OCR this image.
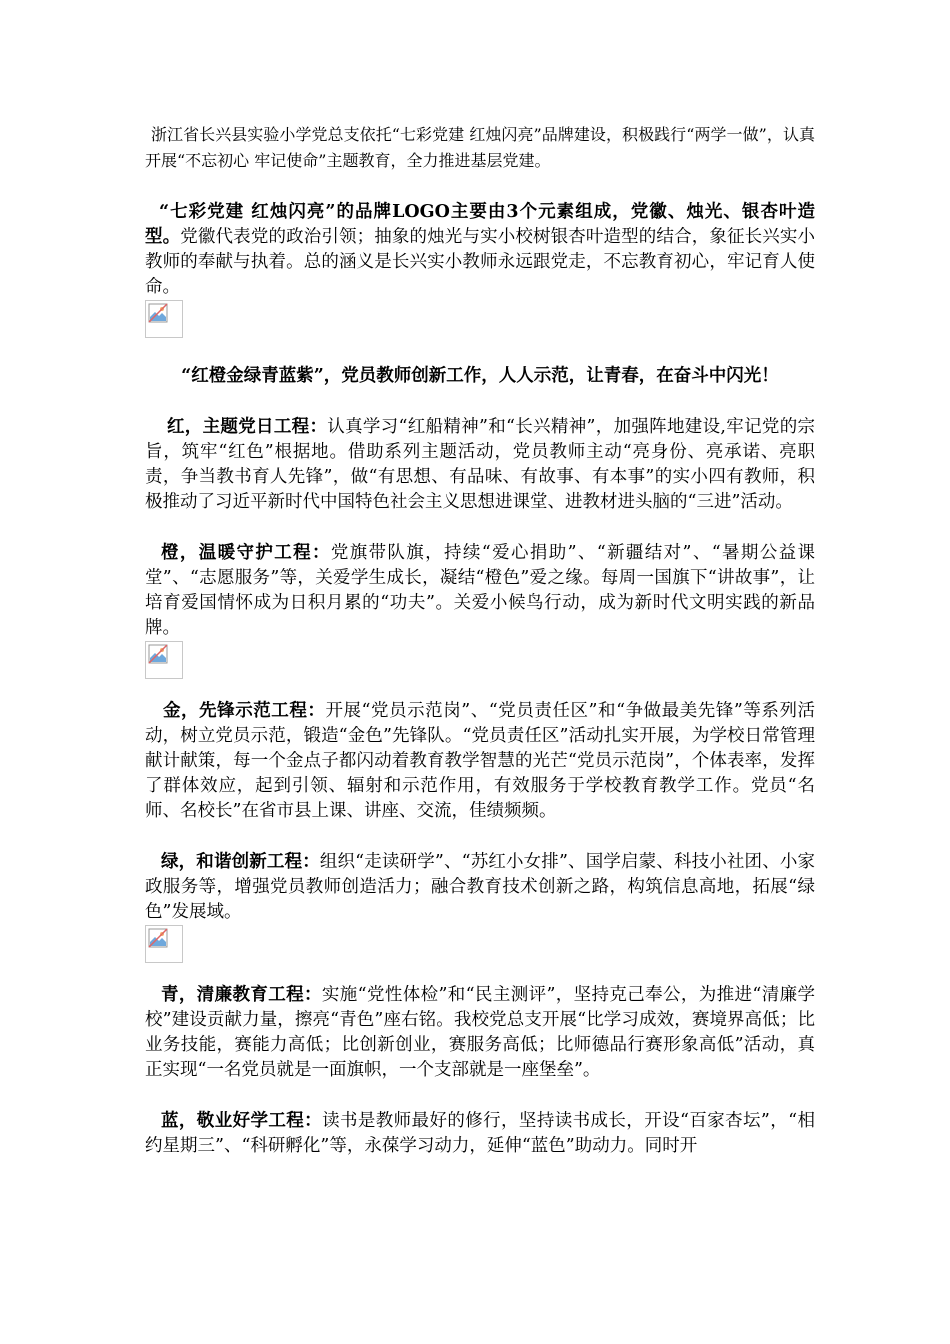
浙江省长兴县实验小学党总支依托“七彩党建 红烛闪亮”品牌建设，积极践行“两学一做”，认真开展“不忘初心 牢记使命”主题教育，全力推进基层党建。

“七彩党建 红烛闪亮”的品牌LOGO主要由3个元素组成，党徽、烛光、银杏叶造型。党徽代表党的政治引领；抽象的烛光与实小校树银杏叶造型的结合，象征长兴实小教师的奉献与执着。总的涵义是长兴实小教师永远跟党走，不忘教育初心，牢记育人使命。

“红橙金绿青蓝紫”，党员教师创新工作，人人示范，让青春，在奋斗中闪光！

红，主题党日工程：认真学习“红船精神”和“长兴精神”，加强阵地建设,牢记党的宗旨，筑牢“红色”根据地。借助系列主题活动，党员教师主动“亮身份、亮承诺、亮职责，争当教书育人先锋”，做“有思想、有品味、有故事、有本事”的实小四有教师，积极推动了习近平新时代中国特色社会主义思想进课堂、进教材进头脑的“三进”活动。

橙，温暖守护工程：党旗带队旗，持续“爱心捐助”、“新疆结对”、“暑期公益课堂”、“志愿服务”等，关爱学生成长，凝结“橙色”爱之缘。每周一国旗下“讲故事”，让培育爱国情怀成为日积月累的“功夫”。关爱小候鸟行动，成为新时代文明实践的新品牌。

金，先锋示范工程：开展“党员示范岗”、“党员责任区”和“争做最美先锋”等系列活动，树立党员示范，锻造“金色”先锋队。“党员责任区”活动扎实开展，为学校日常管理献计献策，每一个金点子都闪动着教育教学智慧的光芒“党员示范岗”，个体表率，发挥了群体效应，起到引领、辐射和示范作用，有效服务于学校教育教学工作。党员“名师、名校长”在省市县上课、讲座、交流，佳绩频频。

绿，和谐创新工程：组织“走读研学”、“苏红小女排”、国学启蒙、科技小社团、小家政服务等，增强党员教师创造活力；融合教育技术创新之路，构筑信息高地，拓展“绿色”发展域。

青，清廉教育工程：实施“党性体检”和“民主测评”，坚持克己奉公，为推进“清廉学校”建设贡献力量，擦亮“青色”座右铭。我校党总支开展“比学习成效，赛境界高低；比业务技能，赛能力高低；比创新创业，赛服务高低；比师德品行赛形象高低”活动，真正实现“一名党员就是一面旗帜，一个支部就是一座堡垒”。

蓝，敬业好学工程：读书是教师最好的修行，坚持读书成长，开设“百家杏坛”，“相约星期三”、“科研孵化”等，永葆学习动力，延伸“蓝色”助动力。同时开
